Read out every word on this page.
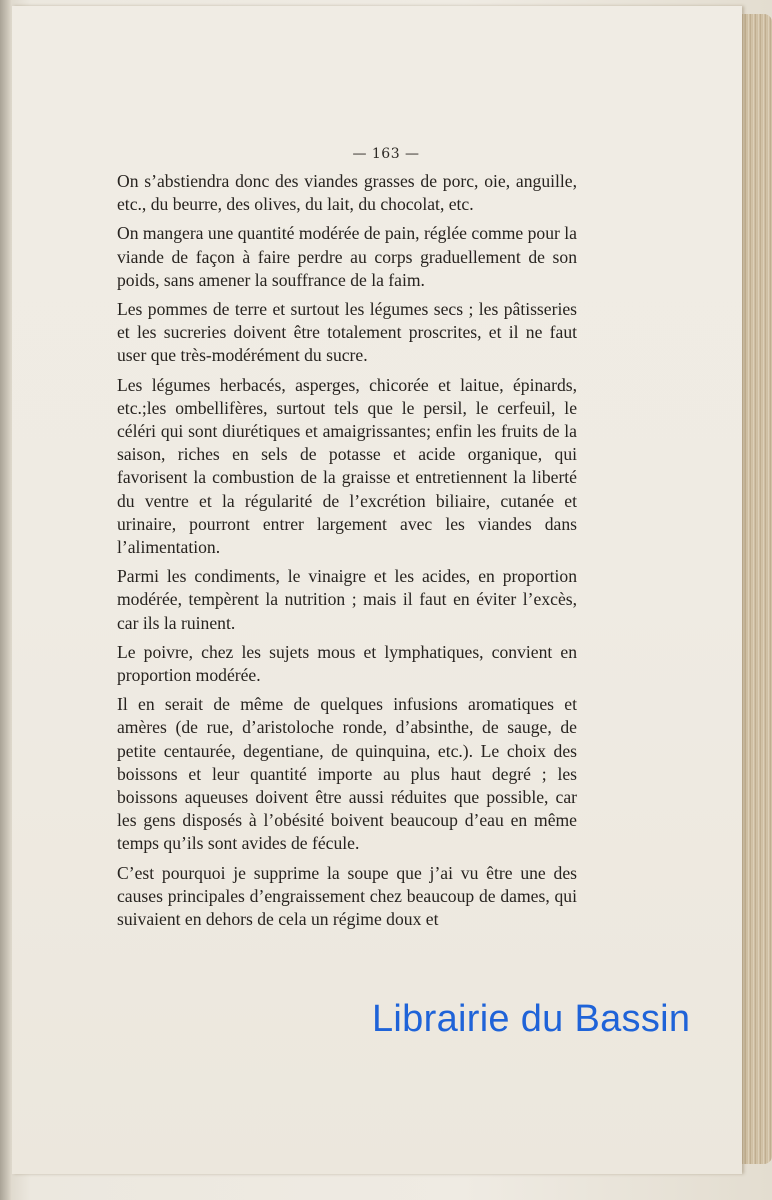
— 163 —

On s’abstiendra donc des viandes grasses de porc, oie, anguille, etc., du beurre, des olives, du lait, du chocolat, etc.

On mangera une quantité modérée de pain, réglée comme pour la viande de façon à faire perdre au corps graduellement de son poids, sans amener la souffrance de la faim.

Les pommes de terre et surtout les légumes secs ; les pâtisseries et les sucreries doivent être totalement proscrites, et il ne faut user que très-modérément du sucre.

Les légumes herbacés, asperges, chicorée et laitue, épinards, etc.;les ombellifères, surtout tels que le persil, le cerfeuil, le céléri qui sont diurétiques et amaigrissantes; enfin les fruits de la saison, riches en sels de potasse et acide organique, qui favorisent la combustion de la graisse et entretiennent la liberté du ventre et la régularité de l’excrétion biliaire, cutanée et urinaire, pourront entrer largement avec les viandes dans l’alimentation.

Parmi les condiments, le vinaigre et les acides, en proportion modérée, tempèrent la nutrition ; mais il faut en éviter l’excès, car ils la ruinent.

Le poivre, chez les sujets mous et lymphatiques, convient en proportion modérée.

Il en serait de même de quelques infusions aromatiques et amères (de rue, d’aristoloche ronde, d’absinthe, de sauge, de petite centaurée, degentiane, de quinquina, etc.). Le choix des boissons et leur quantité importe au plus haut degré ; les boissons aqueuses doivent être aussi réduites que possible, car les gens disposés à l’obésité boivent beaucoup d’eau en même temps qu’ils sont avides de fécule.

C’est pourquoi je supprime la soupe que j’ai vu être une des causes principales d’engraissement chez beaucoup de dames, qui suivaient en dehors de cela un régime doux et

Librairie du Bassin
